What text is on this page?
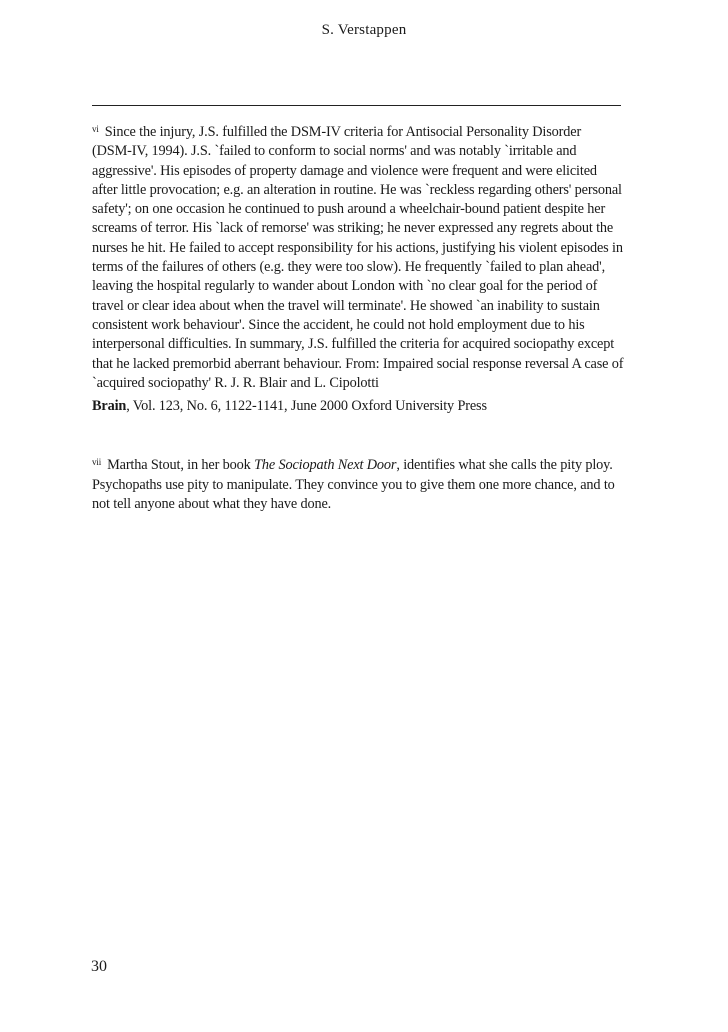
S. Verstappen

$^{vi}$ Since the injury, J.S. fulfilled the DSM-IV criteria for Antisocial Personality Disorder (DSM-IV, 1994). J.S. `failed to conform to social norms' and was notably `irritable and aggressive'. His episodes of property damage and violence were frequent and were elicited after little provocation; e.g. an alteration in routine. He was `reckless regarding others' personal safety'; on one occasion he continued to push around a wheelchair-bound patient despite her screams of terror. His `lack of remorse' was striking; he never expressed any regrets about the nurses he hit. He failed to accept responsibility for his actions, justifying his violent episodes in terms of the failures of others (e.g. they were too slow). He frequently `failed to plan ahead', leaving the hospital regularly to wander about London with `no clear goal for the period of travel or clear idea about when the travel will terminate'. He showed `an inability to sustain consistent work behaviour'. Since the accident, he could not hold employment due to his interpersonal difficulties. In summary, J.S. fulfilled the criteria for acquired sociopathy except that he lacked premorbid aberrant behaviour. From: Impaired social response reversal A case of `acquired sociopathy' R. J. R. Blair and L. Cipolotti

Brain, Vol. 123, No. 6, 1122-1141, June 2000 Oxford University Press

$^{vii}$ Martha Stout, in her book The Sociopath Next Door, identifies what she calls the pity ploy. Psychopaths use pity to manipulate. They convince you to give them one more chance, and to not tell anyone about what they have done.

30
